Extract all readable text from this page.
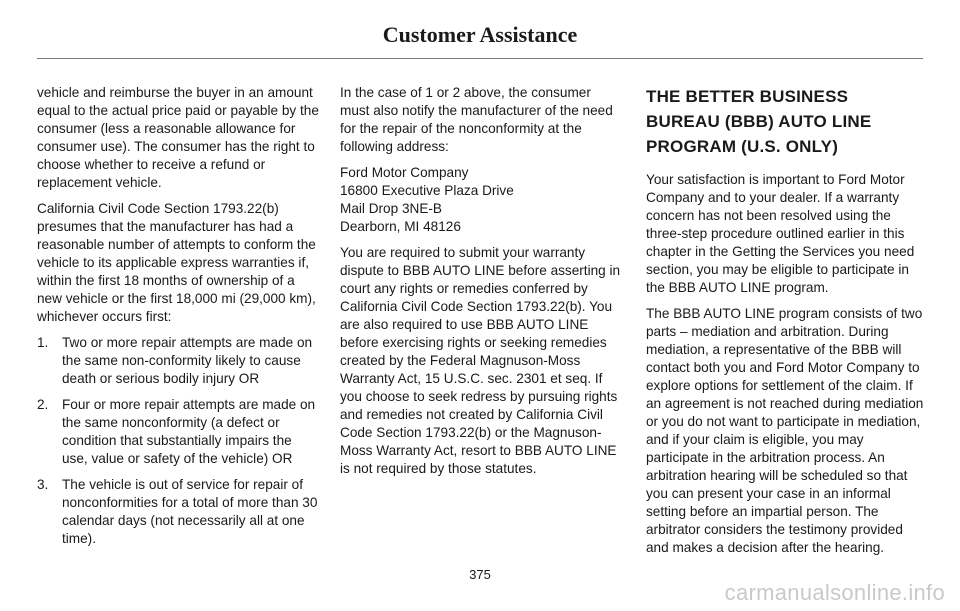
Customer Assistance

vehicle and reimburse the buyer in an amount equal to the actual price paid or payable by the consumer (less a reasonable allowance for consumer use). The consumer has the right to choose whether to receive a refund or replacement vehicle.

California Civil Code Section 1793.22(b) presumes that the manufacturer has had a reasonable number of attempts to conform the vehicle to its applicable express warranties if, within the first 18 months of ownership of a new vehicle or the first 18,000 mi (29,000 km), whichever occurs first:

1. Two or more repair attempts are made on the same non-conformity likely to cause death or serious bodily injury OR
2. Four or more repair attempts are made on the same nonconformity (a defect or condition that substantially impairs the use, value or safety of the vehicle) OR
3. The vehicle is out of service for repair of nonconformities for a total of more than 30 calendar days (not necessarily all at one time).

In the case of 1 or 2 above, the consumer must also notify the manufacturer of the need for the repair of the nonconformity at the following address:

Ford Motor Company
16800 Executive Plaza Drive
Mail Drop 3NE-B
Dearborn, MI 48126

You are required to submit your warranty dispute to BBB AUTO LINE before asserting in court any rights or remedies conferred by California Civil Code Section 1793.22(b). You are also required to use BBB AUTO LINE before exercising rights or seeking remedies created by the Federal Magnuson-Moss Warranty Act, 15 U.S.C. sec. 2301 et seq. If you choose to seek redress by pursuing rights and remedies not created by California Civil Code Section 1793.22(b) or the Magnuson-Moss Warranty Act, resort to BBB AUTO LINE is not required by those statutes.

THE BETTER BUSINESS BUREAU (BBB) AUTO LINE PROGRAM (U.S. ONLY)

Your satisfaction is important to Ford Motor Company and to your dealer. If a warranty concern has not been resolved using the three-step procedure outlined earlier in this chapter in the Getting the Services you need section, you may be eligible to participate in the BBB AUTO LINE program.

The BBB AUTO LINE program consists of two parts – mediation and arbitration. During mediation, a representative of the BBB will contact both you and Ford Motor Company to explore options for settlement of the claim. If an agreement is not reached during mediation or you do not want to participate in mediation, and if your claim is eligible, you may participate in the arbitration process. An arbitration hearing will be scheduled so that you can present your case in an informal setting before an impartial person. The arbitrator considers the testimony provided and makes a decision after the hearing.

375
carmanualsonline.info
